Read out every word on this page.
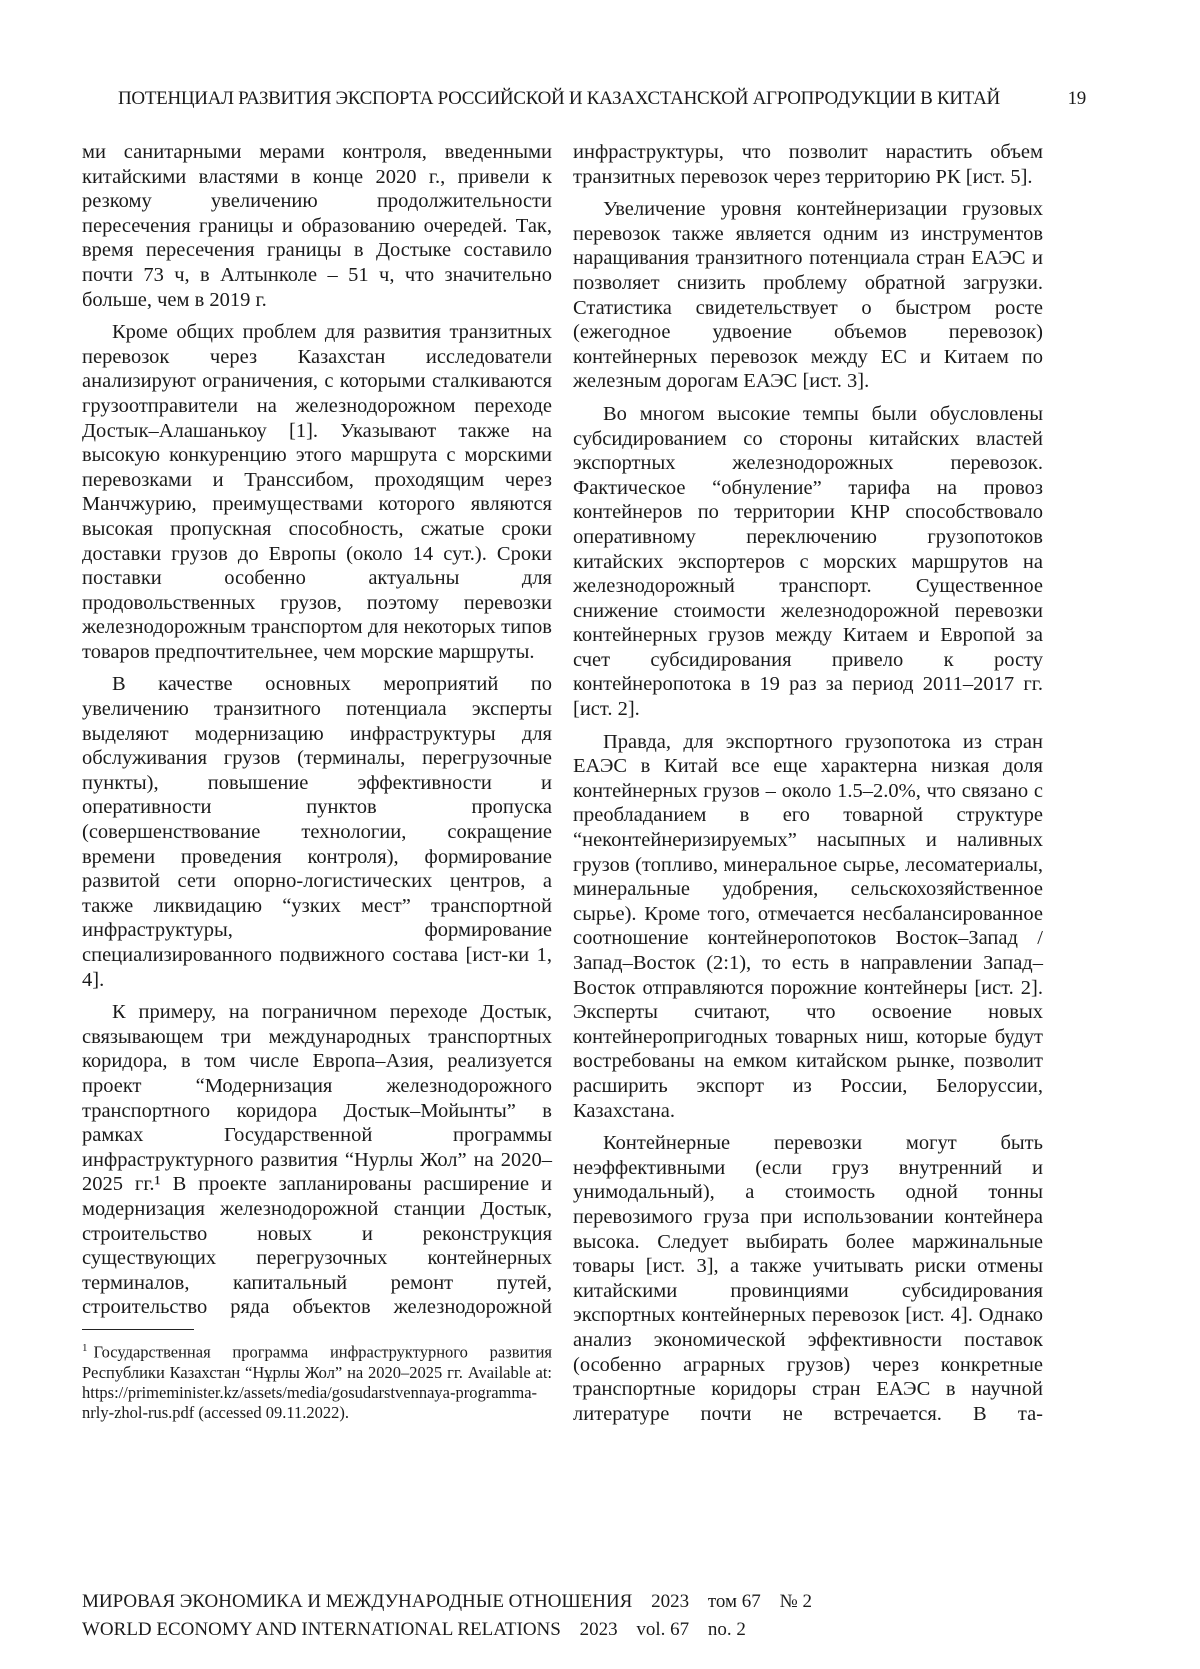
ПОТЕНЦИАЛ РАЗВИТИЯ ЭКСПОРТА РОССИЙСКОЙ И КАЗАХСТАНСКОЙ АГРОПРОДУКЦИИ В КИТАЙ	19

ми санитарными мерами контроля, введенными китайскими властями в конце 2020 г., привели к резкому увеличению продолжительности пересечения границы и образованию очередей. Так, время пересечения границы в Достыке составило почти 73 ч, в Алтынколе – 51 ч, что значительно больше, чем в 2019 г.

Кроме общих проблем для развития транзитных перевозок через Казахстан исследователи анализируют ограничения, с которыми сталкиваются грузоотправители на железнодорожном переходе Достык–Алашанькоу [1]. Указывают также на высокую конкуренцию этого маршрута с морскими перевозками и Транссибом, проходящим через Манчжурию, преимуществами которого являются высокая пропускная способность, сжатые сроки доставки грузов до Европы (около 14 сут.). Сроки поставки особенно актуальны для продовольственных грузов, поэтому перевозки железнодорожным транспортом для некоторых типов товаров предпочтительнее, чем морские маршруты.

В качестве основных мероприятий по увеличению транзитного потенциала эксперты выделяют модернизацию инфраструктуры для обслуживания грузов (терминалы, перегрузочные пункты), повышение эффективности и оперативности пунктов пропуска (совершенствование технологии, сокращение времени проведения контроля), формирование развитой сети опорно-логистических центров, а также ликвидацию “узких мест” транспортной инфраструктуры, формирование специализированного подвижного состава [ист-ки 1, 4].

К примеру, на пограничном переходе Достык, связывающем три международных транспортных коридора, в том числе Европа–Азия, реализуется проект “Модернизация железнодорожного транспортного коридора Достык–Мойынты” в рамках Государственной программы инфраструктурного развития “Нурлы Жол” на 2020–2025 гг.¹ В проекте запланированы расширение и модернизация железнодорожной станции Достык, строительство новых и реконструкция существующих перегрузочных контейнерных терминалов, капитальный ремонт путей, строительство ряда объектов железнодорожной

1 Государственная программа инфраструктурного развития Республики Казахстан “Нұрлы Жол” на 2020–2025 гг. Available at: https://primeminister.kz/assets/media/gosudarstvennaya-programma-nrly-zhol-rus.pdf (accessed 09.11.2022).

инфраструктуры, что позволит нарастить объем транзитных перевозок через территорию РК [ист. 5].

Увеличение уровня контейнеризации грузовых перевозок также является одним из инструментов наращивания транзитного потенциала стран ЕАЭС и позволяет снизить проблему обратной загрузки. Статистика свидетельствует о быстром росте (ежегодное удвоение объемов перевозок) контейнерных перевозок между ЕС и Китаем по железным дорогам ЕАЭС [ист. 3].

Во многом высокие темпы были обусловлены субсидированием со стороны китайских властей экспортных железнодорожных перевозок. Фактическое “обнуление” тарифа на провоз контейнеров по территории КНР способствовало оперативному переключению грузопотоков китайских экспортеров с морских маршрутов на железнодорожный транспорт. Существенное снижение стоимости железнодорожной перевозки контейнерных грузов между Китаем и Европой за счет субсидирования привело к росту контейнеропотока в 19 раз за период 2011–2017 гг. [ист. 2].

Правда, для экспортного грузопотока из стран ЕАЭС в Китай все еще характерна низкая доля контейнерных грузов – около 1.5–2.0%, что связано с преобладанием в его товарной структуре “неконтейнеризируемых” насыпных и наливных грузов (топливо, минеральное сырье, лесоматериалы, минеральные удобрения, сельскохозяйственное сырье). Кроме того, отмечается несбалансированное соотношение контейнеропотоков Восток–Запад / Запад–Восток (2:1), то есть в направлении Запад–Восток отправляются порожние контейнеры [ист. 2]. Эксперты считают, что освоение новых контейнеропригодных товарных ниш, которые будут востребованы на емком китайском рынке, позволит расширить экспорт из России, Белоруссии, Казахстана.

Контейнерные перевозки могут быть неэффективными (если груз внутренний и унимодальный), а стоимость одной тонны перевозимого груза при использовании контейнера высока. Следует выбирать более маржинальные товары [ист. 3], а также учитывать риски отмены китайскими провинциями субсидирования экспортных контейнерных перевозок [ист. 4]. Однако анализ экономической эффективности поставок (особенно аграрных грузов) через конкретные транспортные коридоры стран ЕАЭС в научной литературе почти не встречается. В та-

МИРОВАЯ ЭКОНОМИКА И МЕЖДУНАРОДНЫЕ ОТНОШЕНИЯ 2023 том 67 № 2
WORLD ECONOMY AND INTERNATIONAL RELATIONS 2023 vol. 67 no. 2
